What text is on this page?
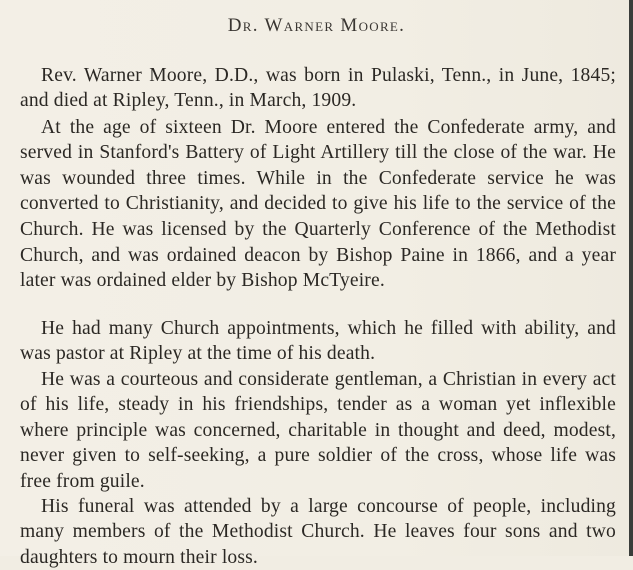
Dr. Warner Moore.

Rev. Warner Moore, D.D., was born in Pulaski, Tenn., in June, 1845; and died at Ripley, Tenn., in March, 1909.

At the age of sixteen Dr. Moore entered the Confederate army, and served in Stanford's Battery of Light Artillery till the close of the war. He was wounded three times. While in the Confederate service he was converted to Christianity, and decided to give his life to the service of the Church. He was licensed by the Quarterly Conference of the Methodist Church, and was ordained deacon by Bishop Paine in 1866, and a year later was ordained elder by Bishop McTyeire.

He had many Church appointments, which he filled with ability, and was pastor at Ripley at the time of his death.

He was a courteous and considerate gentleman, a Christian in every act of his life, steady in his friendships, tender as a woman yet inflexible where principle was concerned, charitable in thought and deed, modest, never given to self-seeking, a pure soldier of the cross, whose life was free from guile.

His funeral was attended by a large concourse of people, including many members of the Methodist Church. He leaves four sons and two daughters to mourn their loss.
